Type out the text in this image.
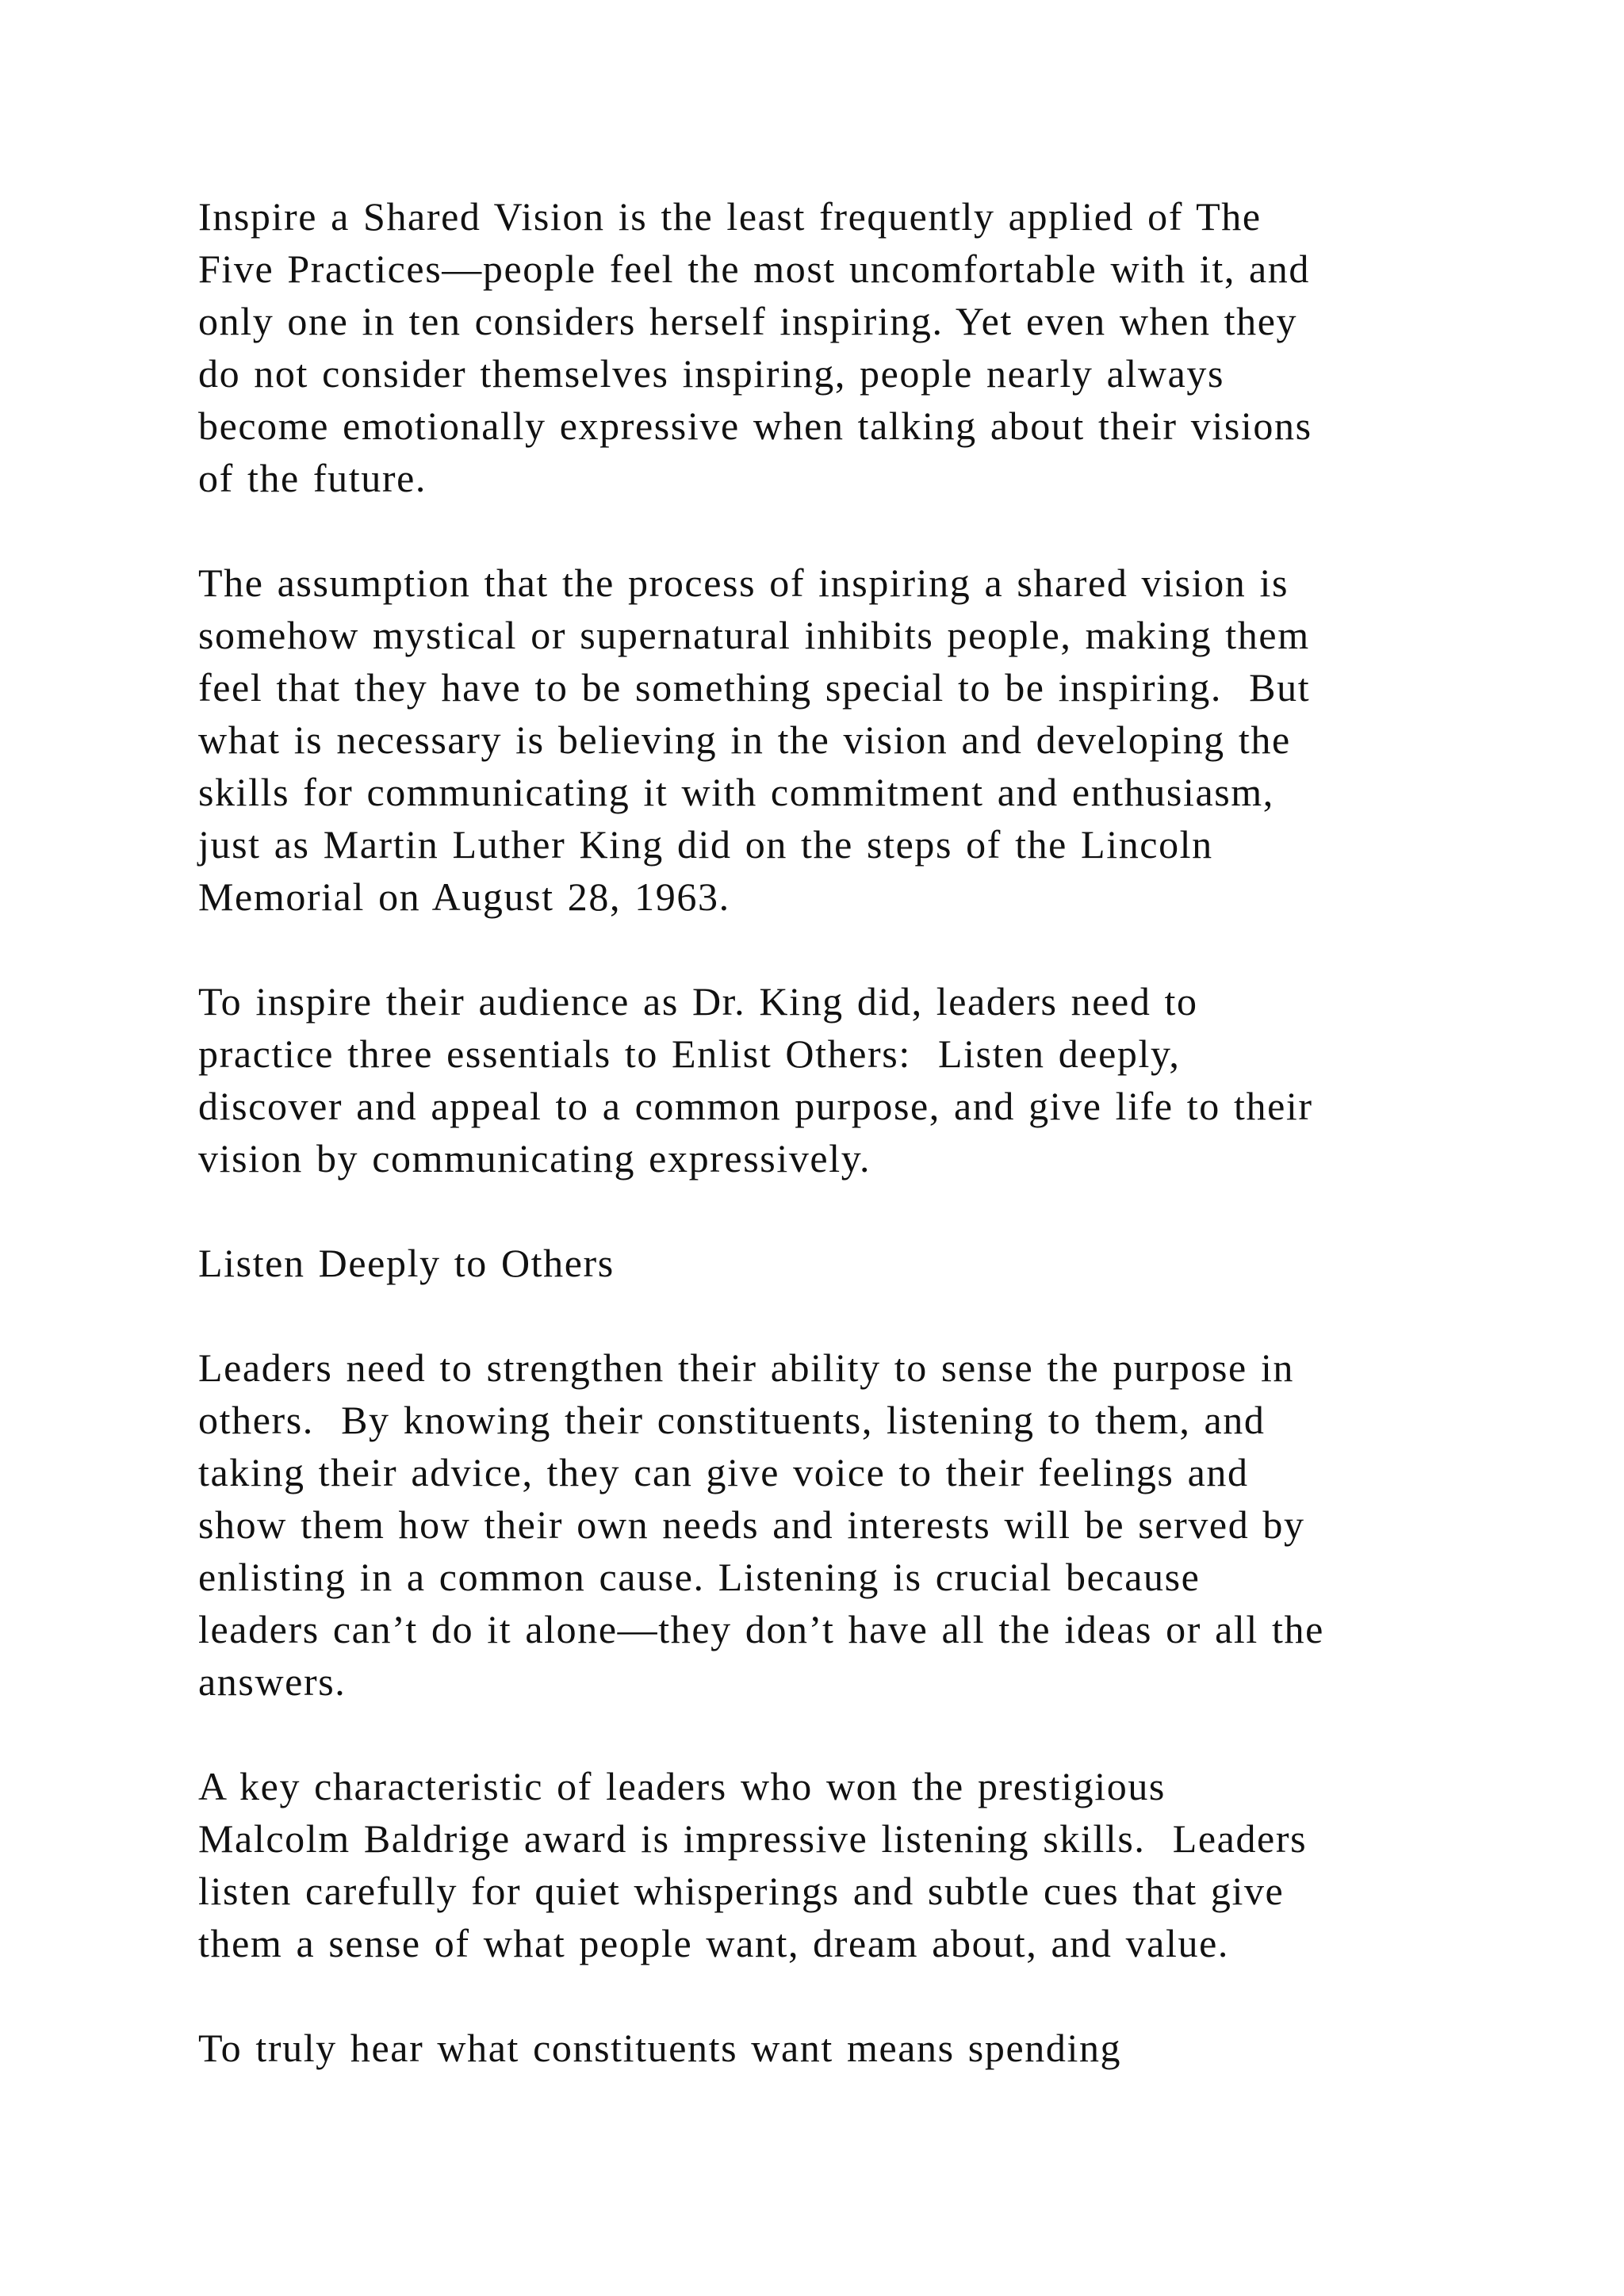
Inspire a Shared Vision is the least frequently applied of The
Five Practices—people feel the most uncomfortable with it, and
only one in ten considers herself inspiring. Yet even when they
do not consider themselves inspiring, people nearly always
become emotionally expressive when talking about their visions
of the future.
The assumption that the process of inspiring a shared vision is
somehow mystical or supernatural inhibits people, making them
feel that they have to be something special to be inspiring.  But
what is necessary is believing in the vision and developing the
skills for communicating it with commitment and enthusiasm,
just as Martin Luther King did on the steps of the Lincoln
Memorial on August 28, 1963.
To inspire their audience as Dr. King did, leaders need to
practice three essentials to Enlist Others:  Listen deeply,
discover and appeal to a common purpose, and give life to their
vision by communicating expressively.
Listen Deeply to Others
Leaders need to strengthen their ability to sense the purpose in
others.  By knowing their constituents, listening to them, and
taking their advice, they can give voice to their feelings and
show them how their own needs and interests will be served by
enlisting in a common cause. Listening is crucial because
leaders can’t do it alone—they don’t have all the ideas or all the
answers.
A key characteristic of leaders who won the prestigious
Malcolm Baldrige award is impressive listening skills.  Leaders
listen carefully for quiet whisperings and subtle cues that give
them a sense of what people want, dream about, and value.
To truly hear what constituents want means spending
